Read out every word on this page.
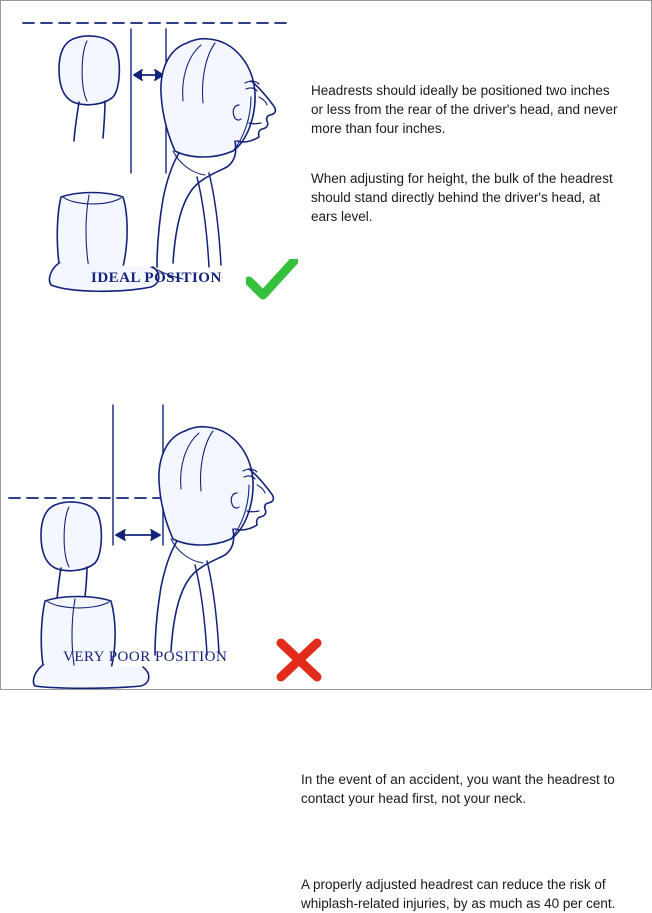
Headrests should ideally be positioned two inches or less from the rear of the driver's head, and never more than four inches.
When adjusting for height, the bulk of the headrest should stand directly behind the driver's head, at ears level.
IDEAL POSITION
In the event of an accident, you want the headrest to contact your head first, not your neck.
A properly adjusted headrest can reduce the risk of whiplash-related injuries, by as much as 40 per cent.
VERY POOR POSITION
